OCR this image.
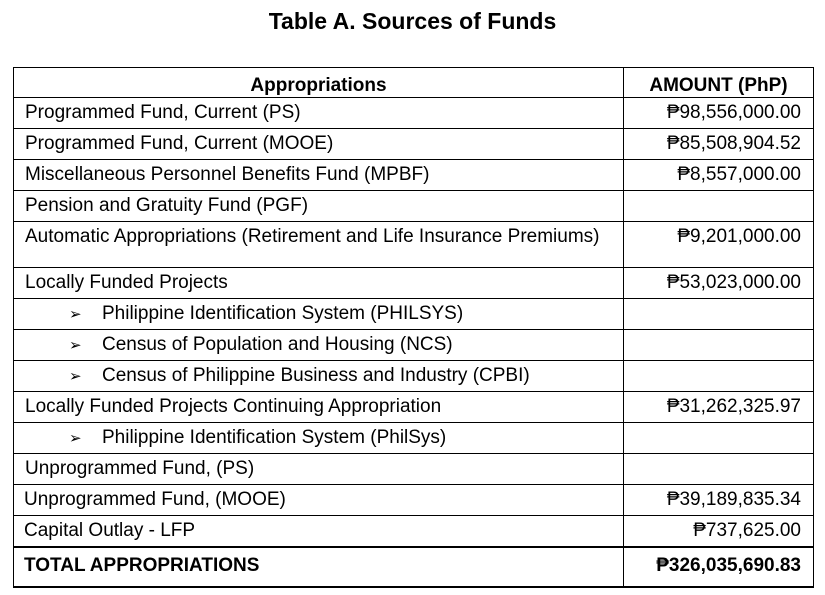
Table A. Sources of Funds
Appropriations	AMOUNT (PhP)
Programmed Fund, Current (PS)	₱98,556,000.00
Programmed Fund, Current (MOOE)	₱85,508,904.52
Miscellaneous Personnel Benefits Fund (MPBF)	₱8,557,000.00
Pension and Gratuity Fund (PGF)	
Automatic Appropriations (Retirement and Life Insurance Premiums)	₱9,201,000.00
Locally Funded Projects	₱53,023,000.00
➢ Philippine Identification System (PHILSYS)	
➢ Census of Population and Housing (NCS)	
➢ Census of Philippine Business and Industry (CPBI)	
Locally Funded Projects Continuing Appropriation	₱31,262,325.97
➢ Philippine Identification System (PhilSys)	
Unprogrammed Fund, (PS)	
Unprogrammed Fund, (MOOE)	₱39,189,835.34
Capital Outlay - LFP	₱737,625.00
TOTAL APPROPRIATIONS	₱326,035,690.83
